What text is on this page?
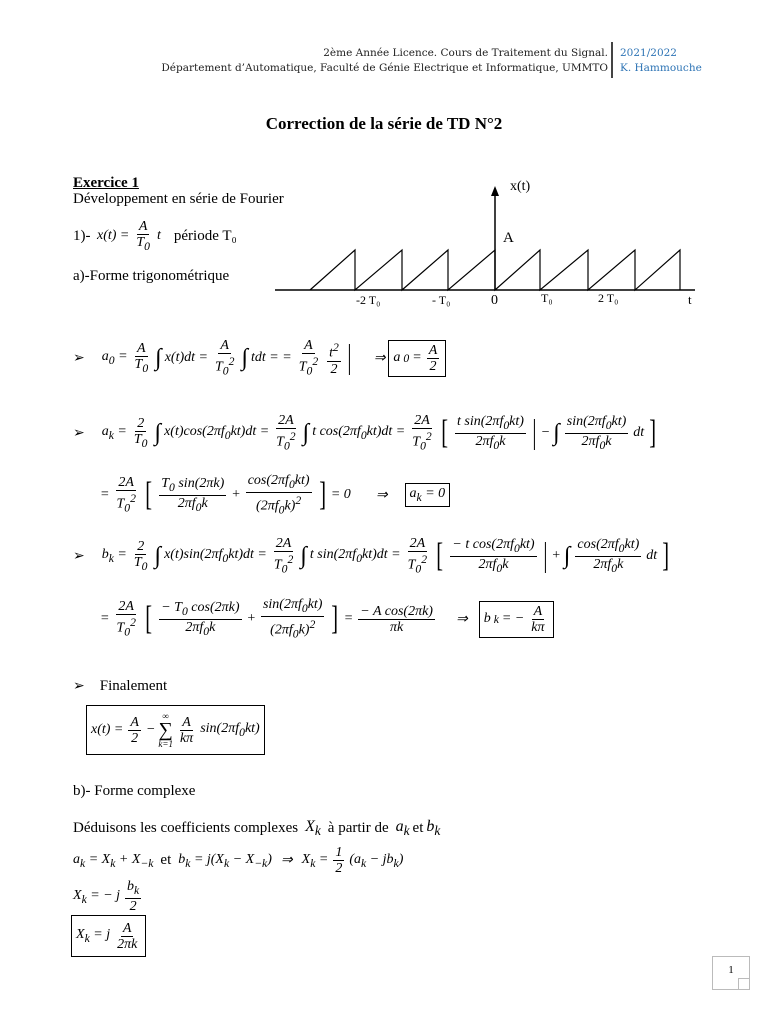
2ème Année Licence. Cours de Traitement du Signal.
Département d’Automatique, Faculté de Génie Electrique et Informatique, UMMTO
2021/2022
K. Hammouche
Correction de la série de TD N°2
Exercice 1
Développement en série de Fourier
1)- $x(t) = \frac{A}{T_0}$ t période T₀
a)-Forme trigonométrique
x(t)
A
t
-2 T₀	- T₀	0	T₀	2 T₀
➢ $a_0 = \frac{A}{T_0}$ ∫ $x(t)dt = \frac{A}{T_0^2}$ ∫ tdt = = $\frac{A}{T_0^2} \frac{t^2}{2}$ | ⇒ a $0 = \frac{A}{2}$
➢ $a_k = \frac{2}{T_0}$ ∫ $x(t)\cos(2\pi f_0kt)dt = \frac{2A}{T_0^2}$ ∫ t $\cos(2\pi f_0kt)dt = \frac{2A}{T_0^2}$ [ $\frac{t \sin(2\pi f_0kt)}{2\pi f_0k}$ | − ∫ $\frac{\sin(2\pi f_0kt)}{2\pi f_0k}$ dt ]
= $\frac{2A}{T_0^2}$ [ $\frac{T_0 \sin(2\pi k)}{2\pi f_0k} + \frac{\cos(2\pi f_0kt)}{(2\pi f_0k)^2}$ ] = 0 ⇒	$a_k = 0$
➢ $b_k = \frac{2}{T_0}$ ∫ $x(t)\sin(2\pi f_0kt)dt = \frac{2A}{T_0^2}$ ∫ t $\sin(2\pi f_0kt)dt = \frac{2A}{T_0^2}$ [ $\frac{- t \cos(2\pi f_0kt)}{2\pi f_0k}$ | + ∫ $\frac{\cos(2\pi f_0kt)}{2\pi f_0k}$ dt ]
= $\frac{2A}{T_0^2}$ [ $\frac{- T_0 \cos(2\pi k)}{2\pi f_0k} + \frac{\sin(2\pi f_0kt)}{(2\pi f_0k)^2}$ ] = $\frac{\text{− A cos(2πk)}}{\pi k}$ ⇒	b k = − $\frac{A}{k\pi}$
➢ Finalement
$x(t) = \frac{A}{2}$ −
∞
∑
$k=1 \frac{A}{k\pi} \sin(2\pi f_0kt)$
b)- Forme complexe
Déduisons les coefficients complexes $X_k$ à partir de $a_k$ et $b_k$
$a_k = X_k + X_{-k}$ et $b_k = j(X_k - X_{-k})$ ⇒ $X_k = \frac{1}{2} (a_k - jb_k)$
$X_k$ = − j $\frac{b_k}{2}$
$X_k = j \frac{A}{2\pi k}$
1
